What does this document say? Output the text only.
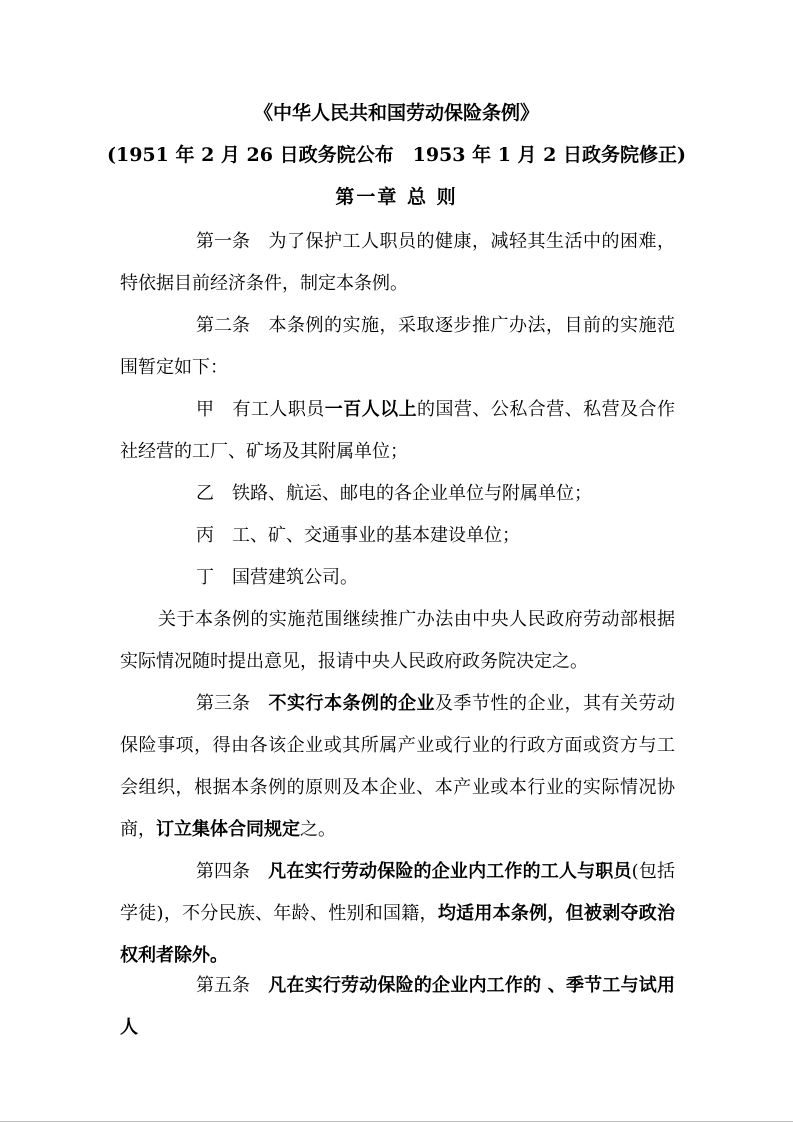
《中华人民共和国劳动保险条例》
(1951 年 2 月 26 日政务院公布　1953 年 1 月 2 日政务院修正)
第一章 总 则

第一条 为了保护工人职员的健康，减轻其生活中的困难，特依据目前经济条件，制定本条例。

第二条 本条例的实施，采取逐步推广办法，目前的实施范围暂定如下：

甲 有工人职员一百人以上的国营、公私合营、私营及合作社经营的工厂、矿场及其附属单位；

乙 铁路、航运、邮电的各企业单位与附属单位；

丙 工、矿、交通事业的基本建设单位；

丁 国营建筑公司。

关于本条例的实施范围继续推广办法由中央人民政府劳动部根据实际情况随时提出意见，报请中央人民政府政务院决定之。

第三条 不实行本条例的企业及季节性的企业，其有关劳动保险事项，得由各该企业或其所属产业或行业的行政方面或资方与工会组织，根据本条例的原则及本企业、本产业或本行业的实际情况协商，订立集体合同规定之。

第四条 凡在实行劳动保险的企业内工作的工人与职员(包括学徒)，不分民族、年龄、性别和国籍，均适用本条例，但被剥夺政治权利者除外。

第五条 凡在实行劳动保险的企业内工作的 、季节工与试用人
